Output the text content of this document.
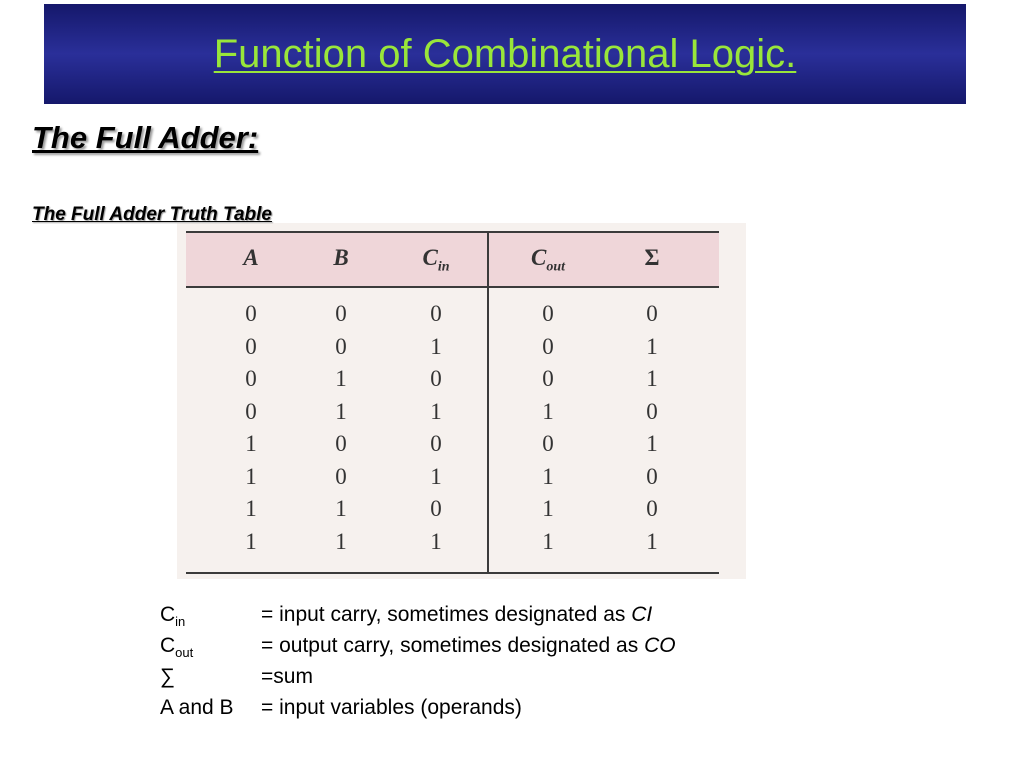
Function of Combinational Logic.
The Full Adder:
A	B	$C_{in}$	$C_{out}$	Σ
0	0	0	0	0
0	0	1	0	1
0	1	0	0	1
0	1	1	1	0
1	0	0	0	1
1	0	1	1	0
1	1	0	1	0
1	1	1	1	1
The Full Adder Truth Table
$C_{in}$	= input carry, sometimes designated as CI
$C_{out}$	= output carry, sometimes designated as CO
∑	=sum
A and B	= input variables (operands)
